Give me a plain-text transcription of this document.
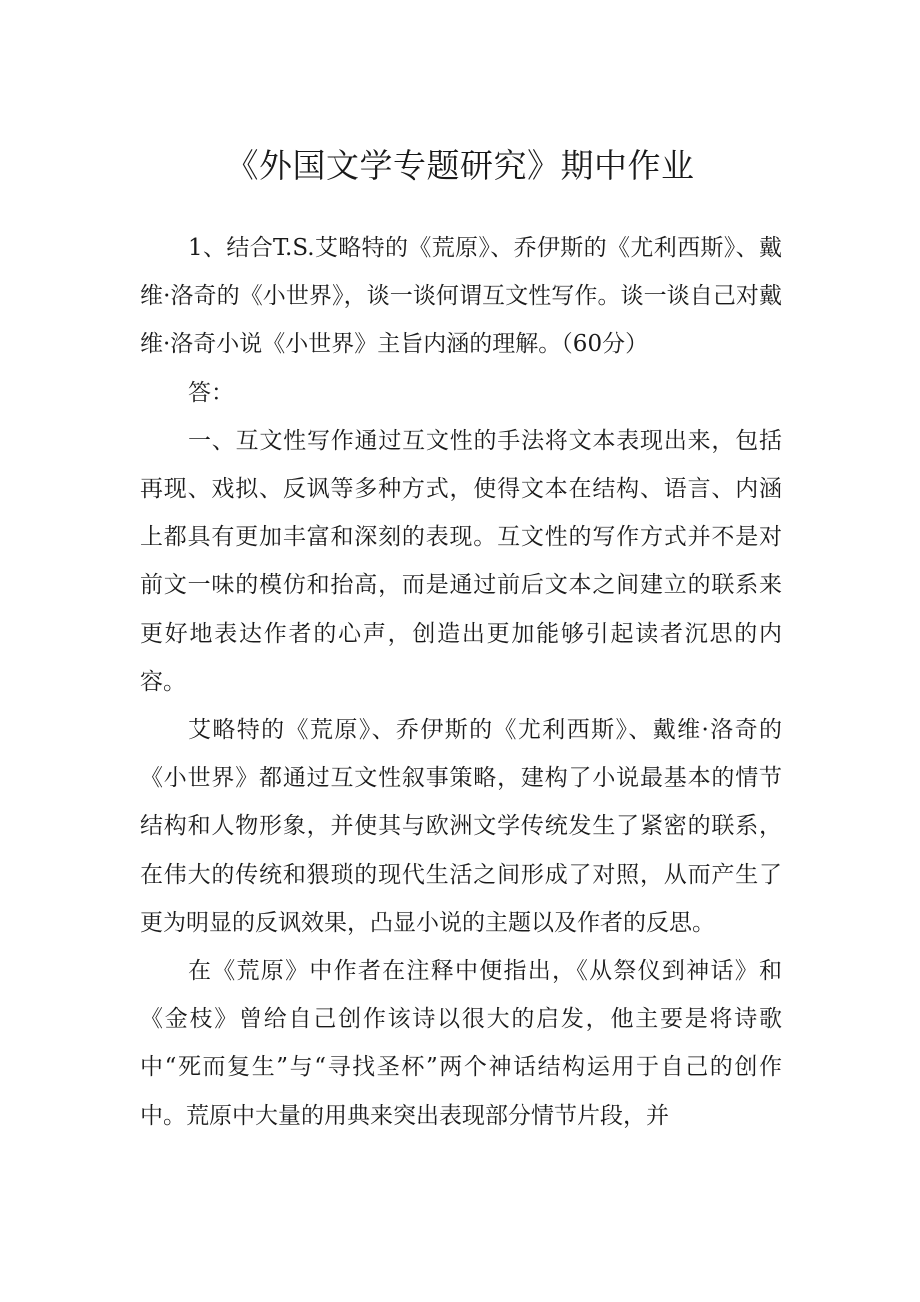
《外国文学专题研究》期中作业

1、结合T.S.艾略特的《荒原》、乔伊斯的《尤利西斯》、戴维·洛奇的《小世界》，谈一谈何谓互文性写作。谈一谈自己对戴维·洛奇小说《小世界》主旨内涵的理解。（60分）

答：

一、互文性写作通过互文性的手法将文本表现出来，包括再现、戏拟、反讽等多种方式，使得文本在结构、语言、内涵上都具有更加丰富和深刻的表现。互文性的写作方式并不是对前文一味的模仿和抬高，而是通过前后文本之间建立的联系来更好地表达作者的心声，创造出更加能够引起读者沉思的内容。

艾略特的《荒原》、乔伊斯的《尤利西斯》、戴维·洛奇的《小世界》都通过互文性叙事策略，建构了小说最基本的情节结构和人物形象，并使其与欧洲文学传统发生了紧密的联系，在伟大的传统和猥琐的现代生活之间形成了对照，从而产生了更为明显的反讽效果，凸显小说的主题以及作者的反思。

在《荒原》中作者在注释中便指出，《从祭仪到神话》和《金枝》曾给自己创作该诗以很大的启发，他主要是将诗歌中“死而复生”与“寻找圣杯”两个神话结构运用于自己的创作中。荒原中大量的用典来突出表现部分情节片段，并
